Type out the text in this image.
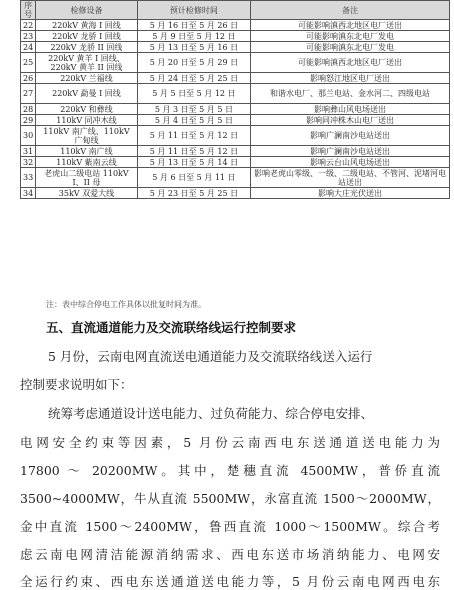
序号	检修设备	预计检修时间	备注
22	220kV 黄海 I 回线	5 月 16 日至 5 月 26 日	可能影响滇西北地区电厂送出
23	220kV 龙骄 I 回线	5 月 9 日至 5 月 12 日	可能影响滇东北电厂发电
24	220kV 龙骄 II 回线	5 月 13 日至 5 月 16 日	可能影响滇东北电厂发电
25	220kV 黄羊 I 回线、220kV 黄羊 II 回线	5 月 20 日至 5 月 29 日	可能影响滇西北地区电厂送出
26	220kV 兰福线	5 月 24 日至 5 月 25 日	影响怒江地区电厂送出
27	220kV 勐曼 I 回线	5 月 5 日至 5 月 12 日	和谐水电厂、那兰电站、金水河二、四级电站
28	220kV 和彝线	5 月 3 日至 5 月 5 日	影响彝山风电场送出
29	110kV 同冲木线	5 月 4 日至 5 月 5 日	影响同冲株木山电厂送出
30	110kV 南广线、110kV 广甸线	5 月 11 日至 5 月 12 日	影响广澜南沙电站送出
31	110kV 南广线	5 月 11 日至 5 月 12 日	影响广澜南沙电站送出
32	110kV 紫南云线	5 月 13 日至 5 月 14 日	影响云台山风电场送出
33	老虎山二级电站 110kV I、II 母	5 月 6 日至 5 月 11 日	影响老虎山零级、一级、二级电站、不管河、泥堵河电站送出
34	35kV 双爱大线	5 月 23 日至 5 月 25 日	影响大庄光伏送出
注：表中综合停电工作具体以批复时间为准。
五、直流通道能力及交流联络线运行控制要求
5 月份，云南电网直流送电通道能力及交流联络线送入运行
控制要求说明如下：
统筹考虑通道设计送电能力、过负荷能力、综合停电安排、
电网安全约束等因素，5 月份云南西电东送通道送电能力为
17800 ～ 20200MW。其中，楚穗直流 4500MW，普侨直流
3500~4000MW，牛从直流 5500MW，永富直流 1500～2000MW，
金中直流 1500～2400MW，鲁西直流 1000～1500MW。综合考
虑云南电网清洁能源消纳需求、西电东送市场消纳能力、电网安
全运行约束、西电东送通道送电能力等，5 月份云南电网西电东
